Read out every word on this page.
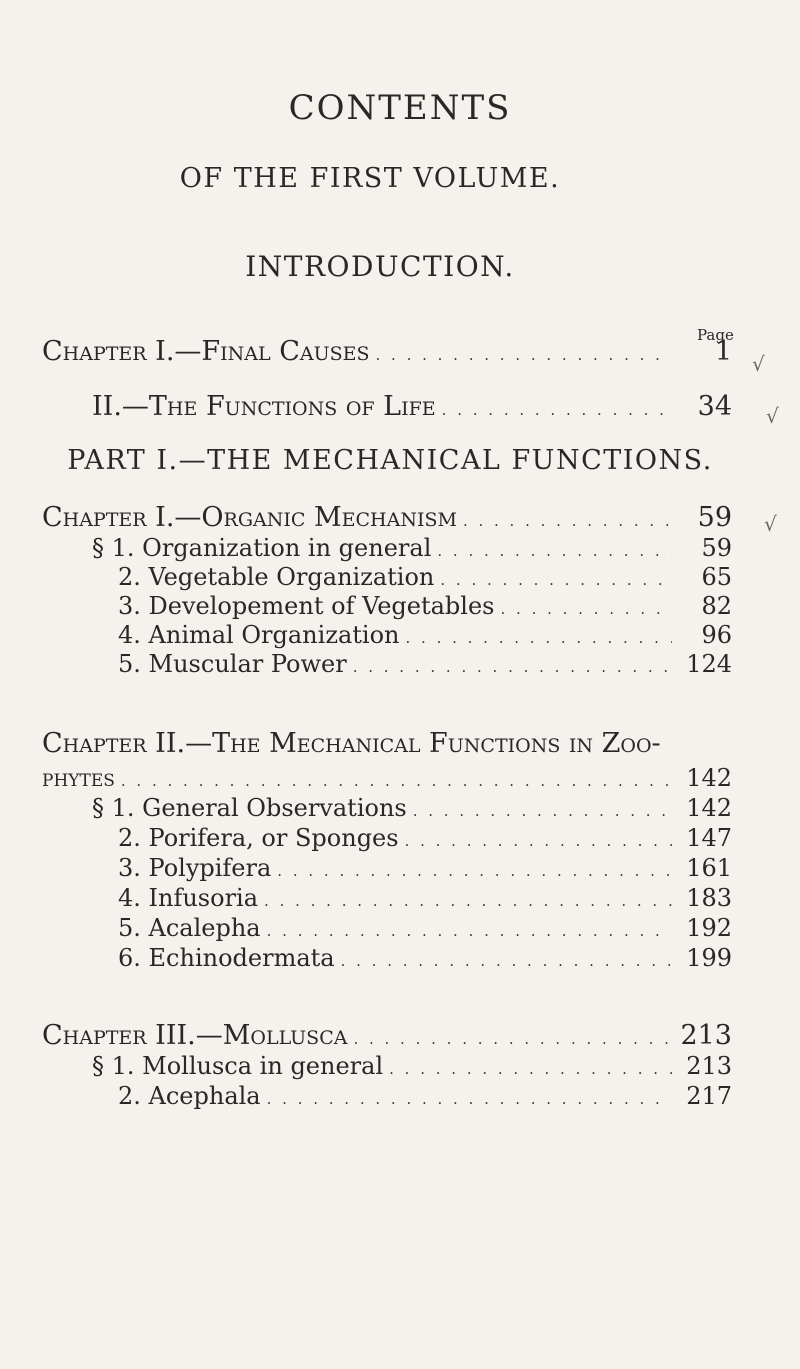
CONTENTS
OF THE FIRST VOLUME.
INTRODUCTION.
Page
Chapter I.—Final Causes . . .	1
II.—The Functions of Life . . .	34
PART I.—THE MECHANICAL FUNCTIONS.
Chapter I.—Organic Mechanism . . .	59
§ 1. Organization in general . . .	59
2. Vegetable Organization . . .	65
3. Developement of Vegetables . . .	82
4. Animal Organization . . .	96
5. Muscular Power . . .	124
Chapter II.—The Mechanical Functions in Zoo-
phytes . . .	142
§ 1. General Observations . . .	142
2. Porifera, or Sponges . . .	147
3. Polypifera . . .	161
4. Infusoria . . .	183
5. Acalepha . . .	192
6. Echinodermata . . .	199
Chapter III.—Mollusca . . .	213
§ 1. Mollusca in general . . .	213
2. Acephala . . .	217
√
√
√
